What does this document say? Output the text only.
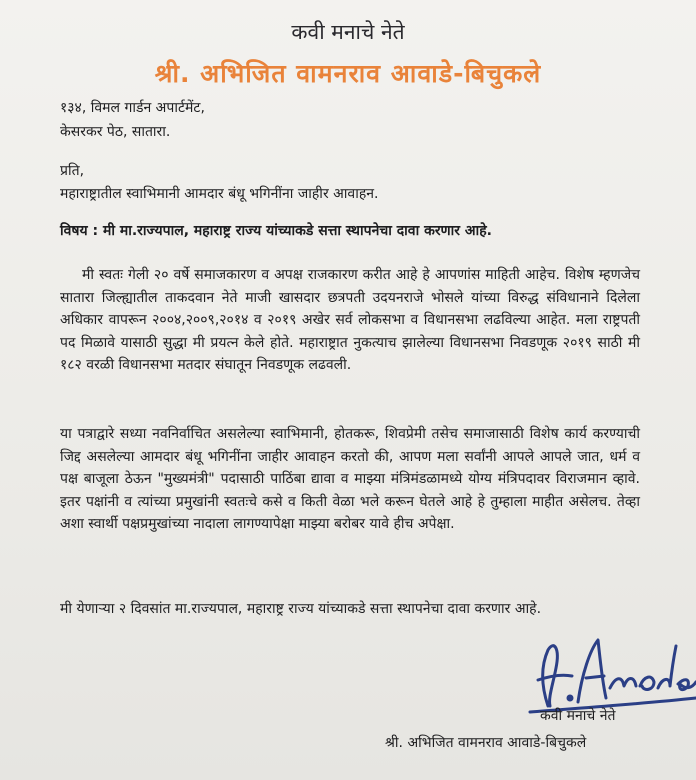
कवी मनाचे नेते
श्री. अभिजित वामनराव आवाडे-बिचुकले
१३४, विमल गार्डन अपार्टमेंट,
केसरकर पेठ, सातारा.
प्रति,
महाराष्ट्रातील स्वाभिमानी आमदार बंधू भगिनींना जाहीर आवाहन.
विषय : मी मा.राज्यपाल, महाराष्ट्र राज्य यांच्याकडे सत्ता स्थापनेचा दावा करणार आहे.
मी स्वतः गेली २० वर्षे समाजकारण व अपक्ष राजकारण करीत आहे हे आपणांस माहिती आहेच. विशेष म्हणजेच सातारा जिल्ह्यातील ताकदवान नेते माजी खासदार छत्रपती उदयनराजे भोसले यांच्या विरुद्ध संविधानाने दिलेला अधिकार वापरून २००४,२००९,२०१४ व २०१९ अखेर सर्व लोकसभा व विधानसभा लढविल्या आहेत. मला राष्ट्रपती पद मिळावे यासाठी सुद्धा मी प्रयत्न केले होते. महाराष्ट्रात नुकत्याच झालेल्या विधानसभा निवडणूक २०१९ साठी मी १८२ वरळी विधानसभा मतदार संघातून निवडणूक लढवली.
या पत्राद्वारे सध्या नवनिर्वाचित असलेल्या स्वाभिमानी, होतकरू, शिवप्रेमी तसेच समाजासाठी विशेष कार्य करण्याची जिद्द असलेल्या आमदार बंधू भगिनींना जाहीर आवाहन करतो की, आपण मला सर्वांनी आपले आपले जात, धर्म व पक्ष बाजूला ठेऊन "मुख्यमंत्री" पदासाठी पाठिंबा द्यावा व माझ्या मंत्रिमंडळामध्ये योग्य मंत्रिपदावर विराजमान व्हावे. इतर पक्षांनी व त्यांच्या प्रमुखांनी स्वतःचे कसे व किती वेळा भले करून घेतले आहे हे तुम्हाला माहीत असेलच. तेव्हा अशा स्वार्थी पक्षप्रमुखांच्या नादाला लागण्यापेक्षा माझ्या बरोबर यावे हीच अपेक्षा.
मी येणाऱ्या २ दिवसांत मा.राज्यपाल, महाराष्ट्र राज्य यांच्याकडे सत्ता स्थापनेचा दावा करणार आहे.
कवी मनाचे नेते
श्री. अभिजित वामनराव आवाडे-बिचुकले
